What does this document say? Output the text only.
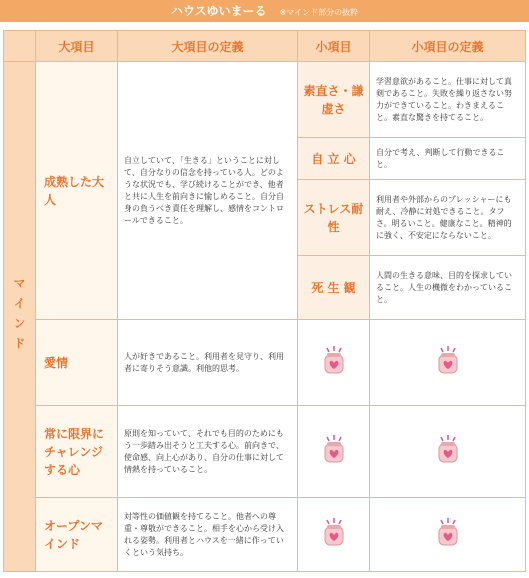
ハウスゆいまーる ※マインド部分の抜粋
	大項目	大項目の定義	小項目	小項目の定義

マインド	成熟した大人	自立していて、「生きる」ということに対して、自分なりの信念を持っている人。どのような状況でも、学び続けることができ、他者と共に人生を前向きに愉しめること。自分自身の負うべき責任を理解し、感情をコントロールできること。	素直さ・謙虚さ	学習意欲があること。仕事に対して真剣であること。失敗を繰り返さない努力ができていること。わきまえること。素直な驚きを持てること。
			自 立 心	自分で考え、判断して行動できること。
			ストレス耐性	利用者や外部からのプレッシャーにも耐え、冷静に対処できること。タフさ。明るいこと。健康なこと。精神的に強く、不安定にならないこと。
			死 生 観	人間の生きる意味、目的を探求していること。人生の機微をわかっていること。
	愛情	人が好きであること。利用者を見守り、利用者に寄りそう意識。利他的思考。	

	常に限界にチャレンジする心	原則を知っていて、それでも目的のためにもう一歩踏み出そうと工夫する心。前向きで、使命感、向上心があり、自分の仕事に対して情熱を持っていること。	

	オープンマインド	対等性の価値観を持てること。他者への尊重・尊敬ができること。相手を心から受け入れる姿勢。利用者とハウスを一緒に作っていくという気持ち。	
